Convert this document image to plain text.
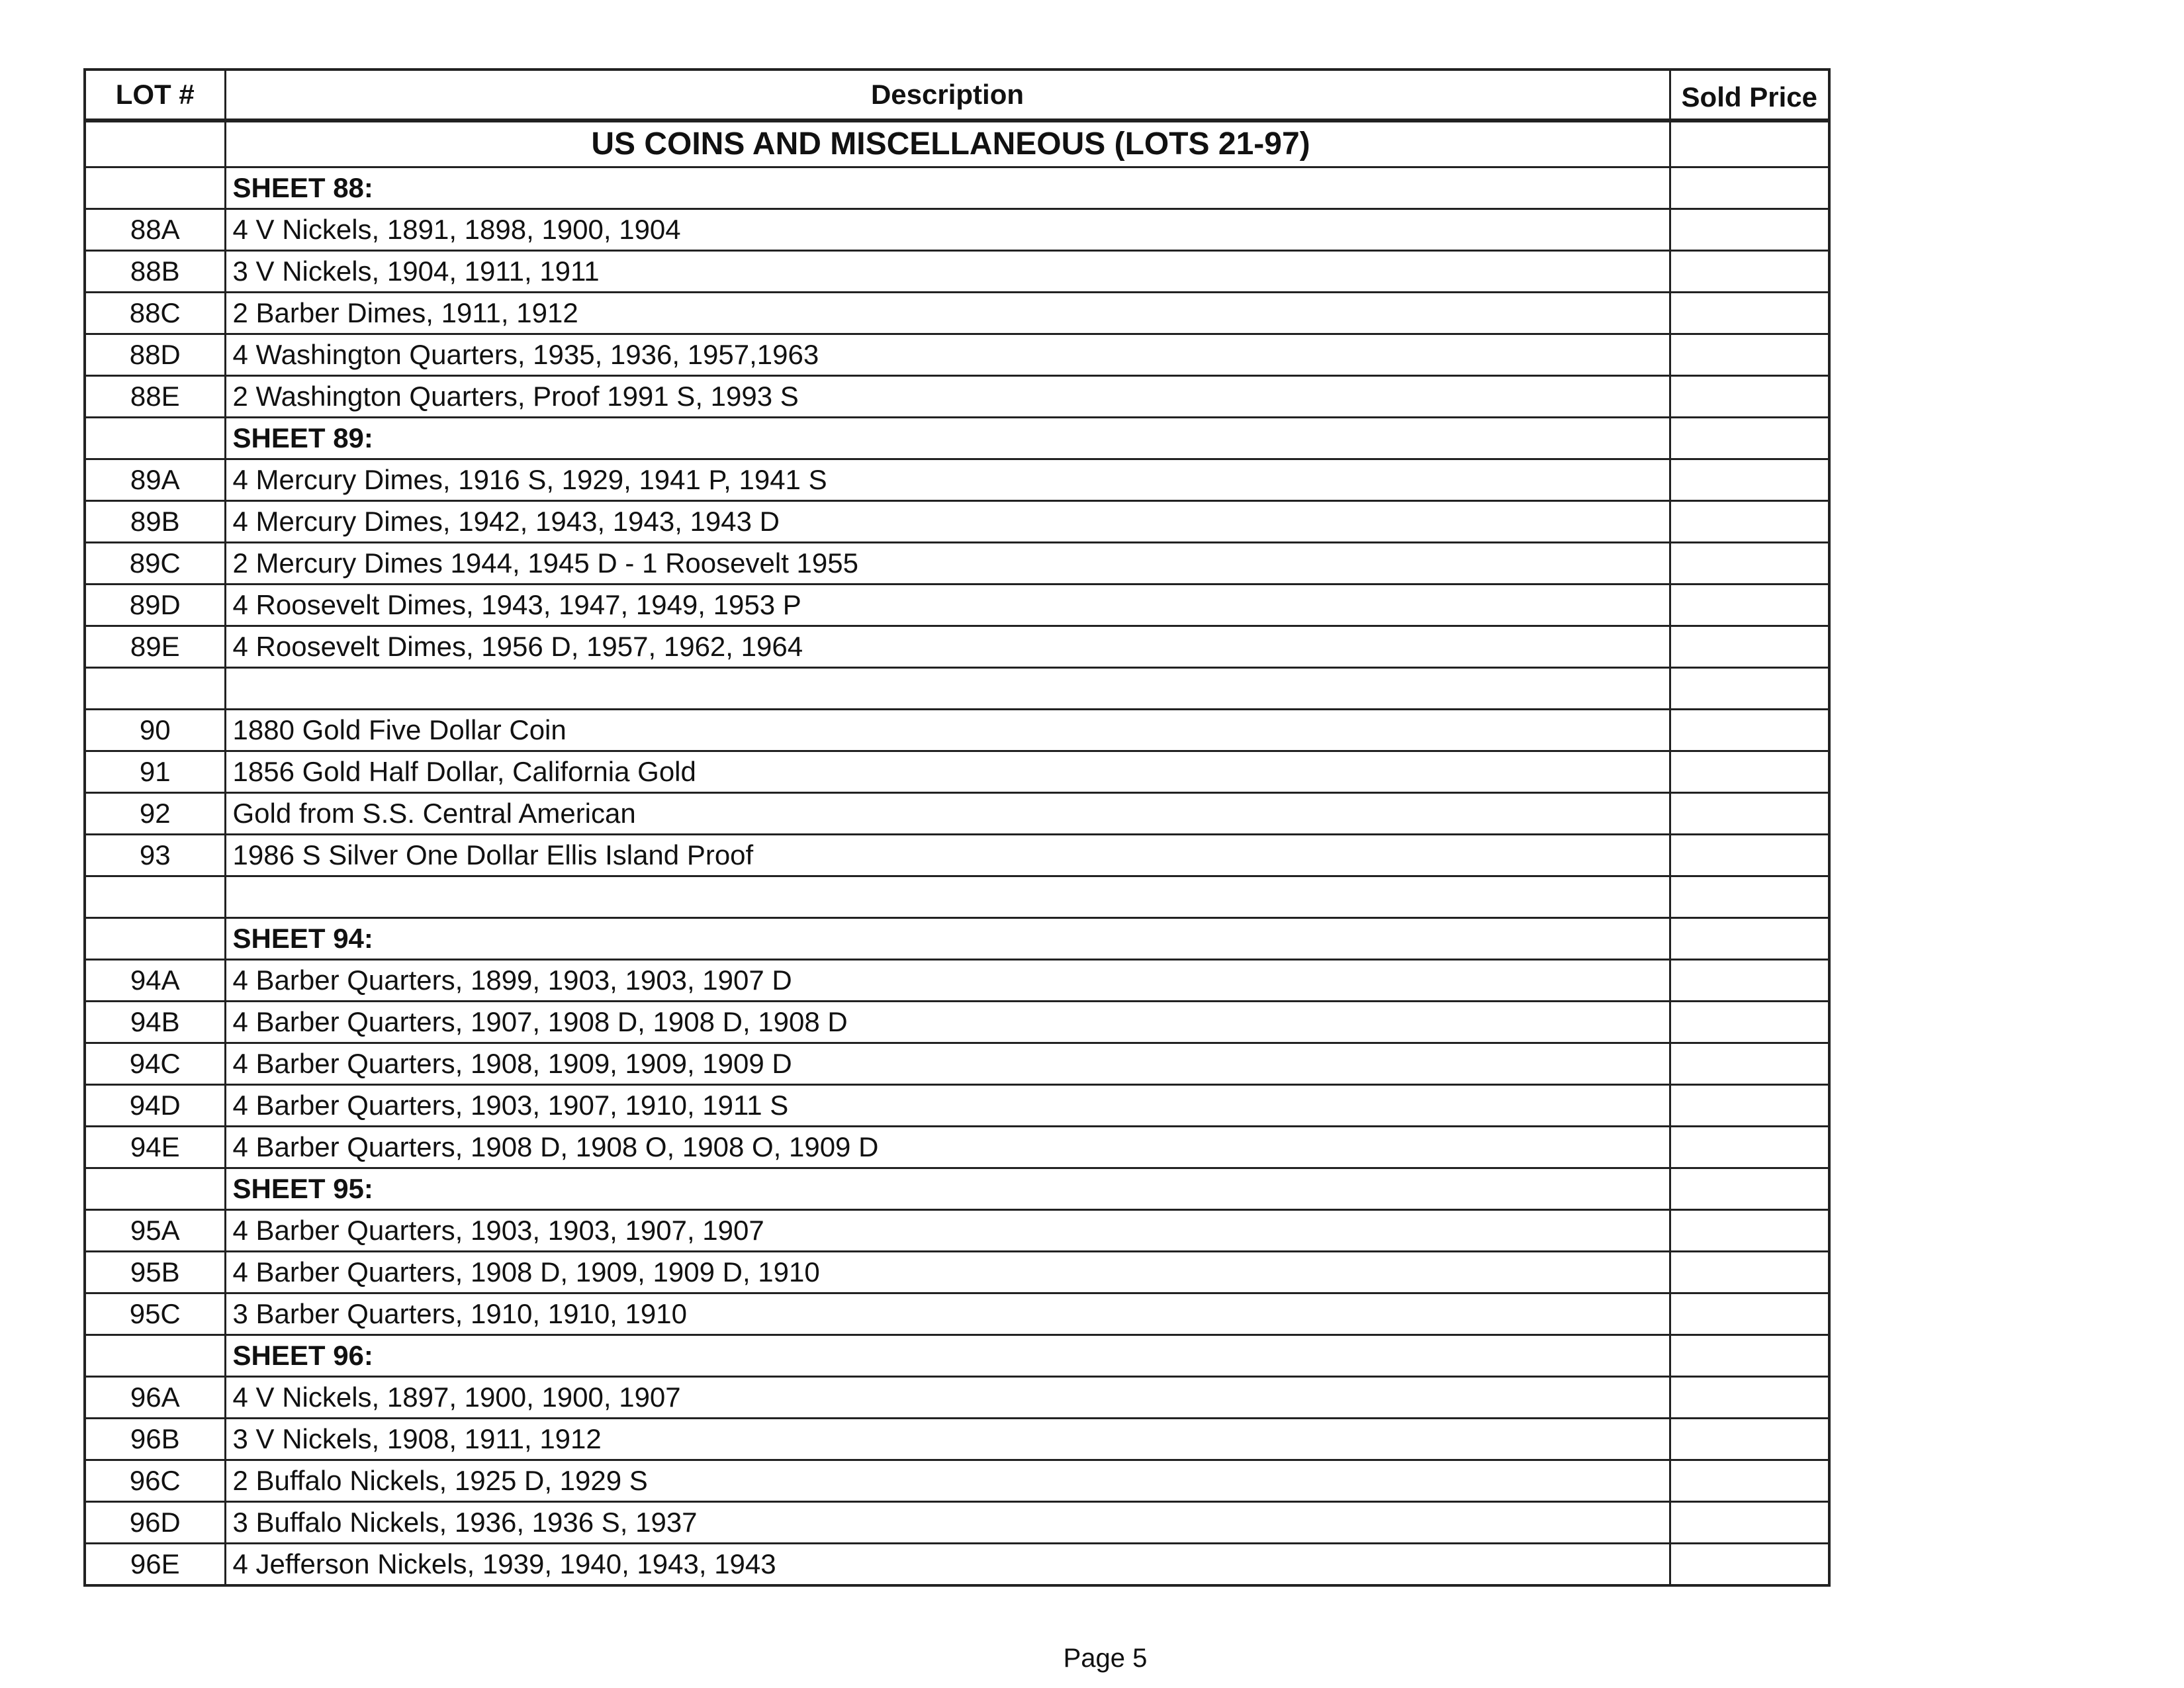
LOT #	Description	Sold Price
	US COINS AND MISCELLANEOUS (LOTS 21-97)	
	SHEET 88:	
88A	4 V Nickels, 1891, 1898, 1900, 1904	
88B	3 V Nickels, 1904, 1911, 1911	
88C	2 Barber Dimes, 1911, 1912	
88D	4 Washington Quarters, 1935, 1936, 1957,1963	
88E	2 Washington Quarters, Proof 1991 S, 1993 S	
	SHEET 89:	
89A	4 Mercury Dimes, 1916 S, 1929, 1941 P, 1941 S	
89B	4 Mercury Dimes, 1942, 1943, 1943, 1943 D	
89C	2 Mercury Dimes 1944, 1945 D - 1 Roosevelt 1955	
89D	4 Roosevelt Dimes, 1943, 1947, 1949, 1953 P	
89E	4 Roosevelt Dimes, 1956 D, 1957, 1962, 1964	

90	1880 Gold Five Dollar Coin	
91	1856 Gold Half Dollar, California Gold	
92	Gold from S.S. Central American	
93	1986 S Silver One Dollar Ellis Island Proof	

	SHEET 94:	
94A	4 Barber Quarters, 1899, 1903, 1903, 1907 D	
94B	4 Barber Quarters, 1907, 1908 D, 1908 D, 1908 D	
94C	4 Barber Quarters, 1908, 1909, 1909, 1909 D	
94D	4 Barber Quarters, 1903, 1907, 1910, 1911 S	
94E	4 Barber Quarters, 1908 D, 1908 O, 1908 O, 1909 D	
	SHEET 95:	
95A	4 Barber Quarters, 1903, 1903, 1907, 1907	
95B	4 Barber Quarters, 1908 D, 1909, 1909 D, 1910	
95C	3 Barber Quarters, 1910, 1910, 1910	
	SHEET 96:	
96A	4 V Nickels, 1897, 1900, 1900, 1907	
96B	3 V Nickels, 1908, 1911, 1912	
96C	2 Buffalo Nickels, 1925 D, 1929 S	
96D	3 Buffalo Nickels, 1936, 1936 S, 1937	
96E	4 Jefferson Nickels, 1939, 1940, 1943, 1943	
Page 5
